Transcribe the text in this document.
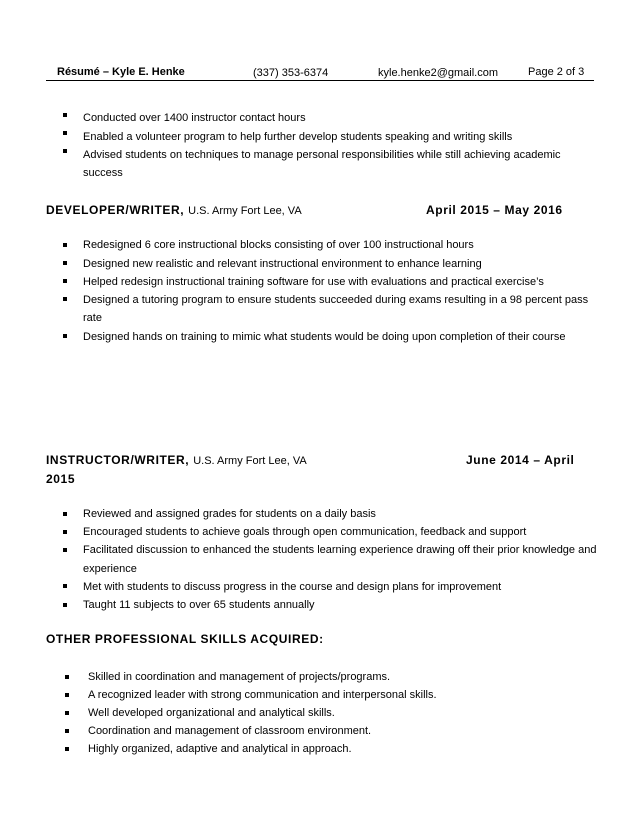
Résumé – Kyle E. Henke	(337) 353-6374	kyle.henke2@gmail.com	Page 2 of 3
Conducted over 1400 instructor contact hours
Enabled a volunteer program to help further develop students speaking and writing skills
Advised students on techniques to manage personal responsibilities while still achieving academic
success
DEVELOPER/WRITER, U.S. Army Fort Lee, VA	April 2015 – May 2016
Redesigned 6 core instructional blocks consisting of over 100 instructional hours
Designed new realistic and relevant instructional environment to enhance learning
Helped redesign instructional training software for use with evaluations and practical exercise’s
Designed a tutoring program to ensure students succeeded during exams resulting in a 98 percent pass
rate
Designed hands on training to mimic what students would be doing upon completion of their course
INSTRUCTOR/WRITER, U.S. Army Fort Lee, VA	June 2014 – April
2015
Reviewed and assigned grades for students on a daily basis
Encouraged students to achieve goals through open communication, feedback and support
Facilitated discussion to enhanced the students learning experience drawing off their prior knowledge and
experience
Met with students to discuss progress in the course and design plans for improvement
Taught 11 subjects to over 65 students annually
OTHER PROFESSIONAL SKILLS ACQUIRED:
Skilled in coordination and management of projects/programs.
A recognized leader with strong communication and interpersonal skills.
Well developed organizational and analytical skills.
Coordination and management of classroom environment.
Highly organized, adaptive and analytical in approach.
